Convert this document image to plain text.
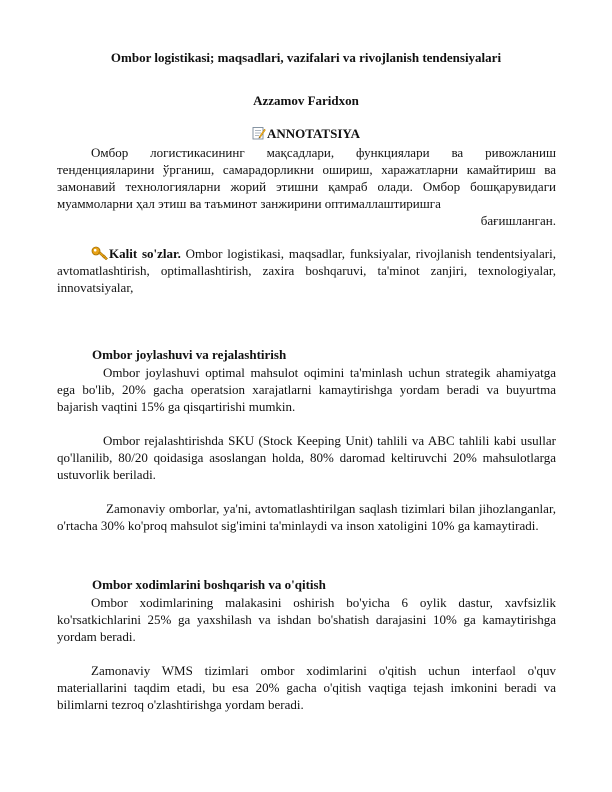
Ombor logistikasi; maqsadlari, vazifalari va rivojlanish tendensiyalari
Azzamov Faridxon
ANNOTATSIYA
Омбор логистикасининг мақсадлари, функциялари ва ривожланиш тенденцияларини ўрганиш, самарадорликни ошириш, харажатларни камайтириш ва замонавий технологияларни жорий этишни қамраб олади. Омбор бошқарувидаги муаммоларни ҳал этиш ва таъминот занжирини оптималлаштиришга
бағишланган.
Kalit so'zlar. Ombor logistikasi, maqsadlar, funksiyalar, rivojlanish tendentsiyalari, avtomatlashtirish, optimallashtirish, zaxira boshqaruvi, ta'minot zanjiri, texnologiyalar, innovatsiyalar,
Ombor joylashuvi va rejalashtirish
Ombor joylashuvi optimal mahsulot oqimini ta'minlash uchun strategik ahamiyatga ega bo'lib, 20% gacha operatsion xarajatlarni kamaytirishga yordam beradi va buyurtma bajarish vaqtini 15% ga qisqartirishi mumkin.
Ombor rejalashtirishda SKU (Stock Keeping Unit) tahlili va ABC tahlili kabi usullar qo'llanilib, 80/20 qoidasiga asoslangan holda, 80% daromad keltiruvchi 20% mahsulotlarga ustuvorlik beriladi.
Zamonaviy omborlar, ya'ni, avtomatlashtirilgan saqlash tizimlari bilan jihozlanganlar, o'rtacha 30% ko'proq mahsulot sig'imini ta'minlaydi va inson xatoligini 10% ga kamaytiradi.
Ombor xodimlarini boshqarish va o'qitish
Ombor xodimlarining malakasini oshirish bo'yicha 6 oylik dastur, xavfsizlik ko'rsatkichlarini 25% ga yaxshilash va ishdan bo'shatish darajasini 10% ga kamaytirishga yordam beradi.
Zamonaviy WMS tizimlari ombor xodimlarini o'qitish uchun interfaol o'quv materiallarini taqdim etadi, bu esa 20% gacha o'qitish vaqtiga tejash imkonini beradi va bilimlarni tezroq o'zlashtirishga yordam beradi.
